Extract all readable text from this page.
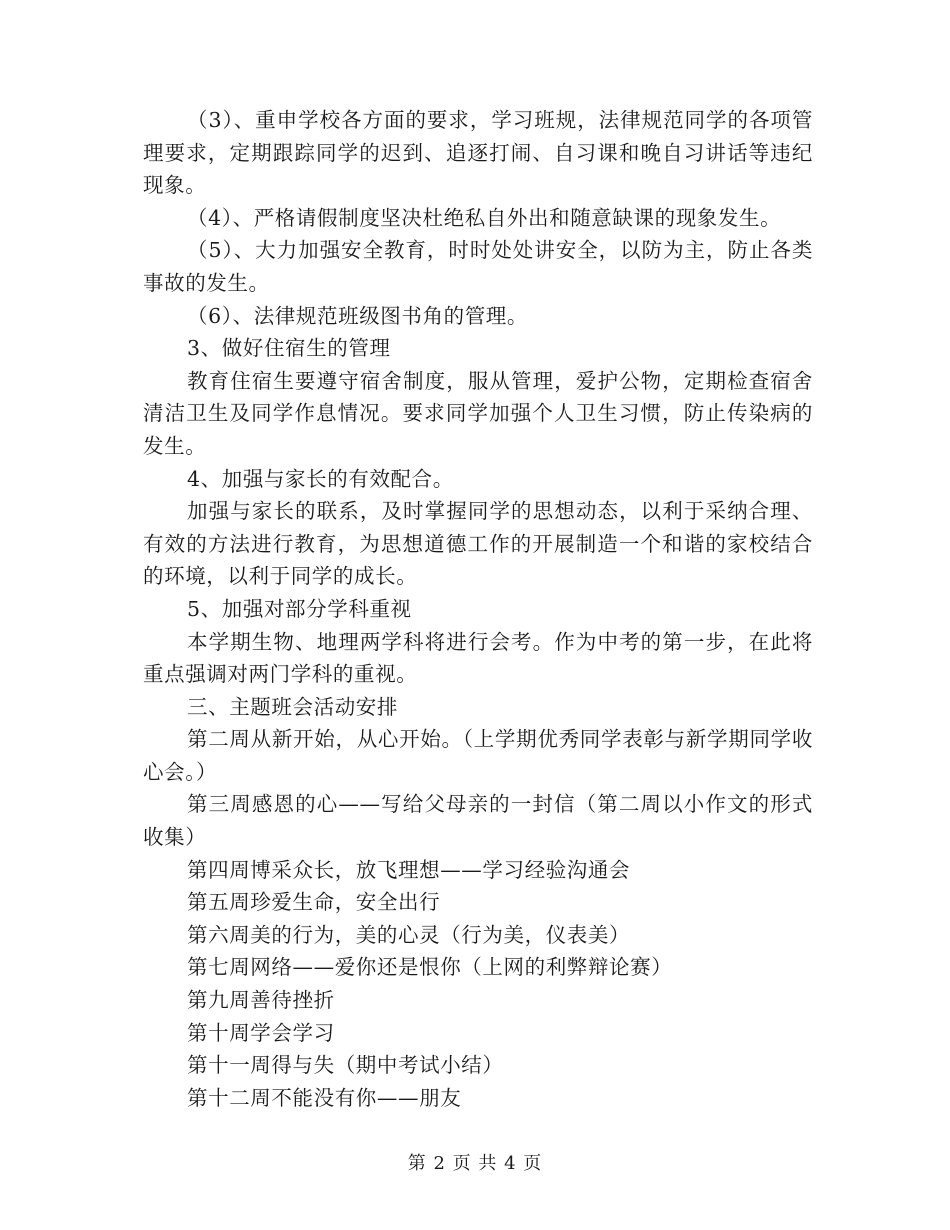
（3）、重申学校各方面的要求，学习班规，法律规范同学的各项管理要求，定期跟踪同学的迟到、追逐打闹、自习课和晚自习讲话等违纪现象。

（4）、严格请假制度坚决杜绝私自外出和随意缺课的现象发生。

（5）、大力加强安全教育，时时处处讲安全，以防为主，防止各类事故的发生。

（6）、法律规范班级图书角的管理。

3、做好住宿生的管理

教育住宿生要遵守宿舍制度，服从管理，爱护公物，定期检查宿舍清洁卫生及同学作息情况。要求同学加强个人卫生习惯，防止传染病的发生。

4、加强与家长的有效配合。

加强与家长的联系，及时掌握同学的思想动态，以利于采纳合理、有效的方法进行教育，为思想道德工作的开展制造一个和谐的家校结合的环境，以利于同学的成长。

5、加强对部分学科重视

本学期生物、地理两学科将进行会考。作为中考的第一步，在此将重点强调对两门学科的重视。

三、主题班会活动安排

第二周从新开始，从心开始。（上学期优秀同学表彰与新学期同学收心会。）

第三周感恩的心——写给父母亲的一封信（第二周以小作文的形式收集）

第四周博采众长，放飞理想——学习经验沟通会

第五周珍爱生命，安全出行

第六周美的行为，美的心灵（行为美，仪表美）

第七周网络——爱你还是恨你（上网的利弊辩论赛）

第九周善待挫折

第十周学会学习

第十一周得与失（期中考试小结）

第十二周不能没有你——朋友

第 2 页 共 4 页
